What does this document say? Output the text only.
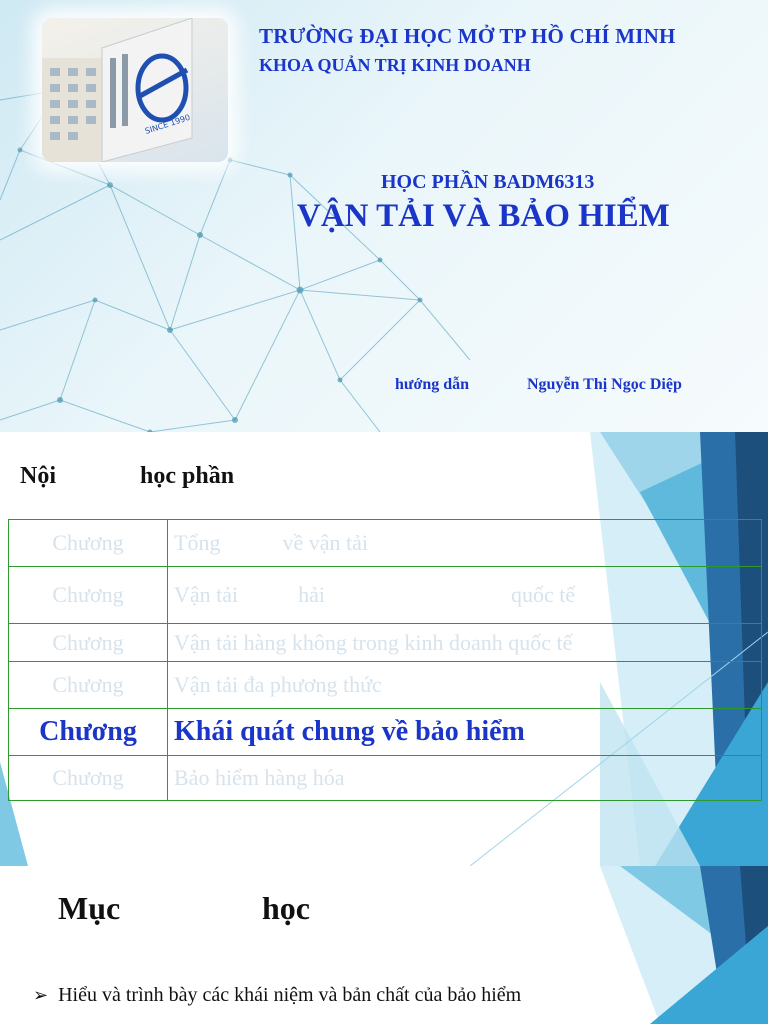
SINCE 1990
TRƯỜNG ĐẠI HỌC MỞ TP HỒ CHÍ MINH
KHOA QUẢN TRỊ KINH DOANH
HỌC PHẦN BADM6313
VẬN TẢI VÀ BẢO HIỂM
hướng dẫn	Nguyễn Thị Ngọc Diệp
Nội	học phần
Chương	Tổng về vận tải
Chương	Vận tải hải quốc tế
Chương	Vận tải hàng không trong kinh doanh quốc tế
Chương	Vận tải đa phương thức
Chương	Khái quát chung về bảo hiểm
Chương	Bảo hiểm hàng hóa
Mục	học
➢ Hiểu và trình bày các khái niệm và bản chất của bảo hiểm
